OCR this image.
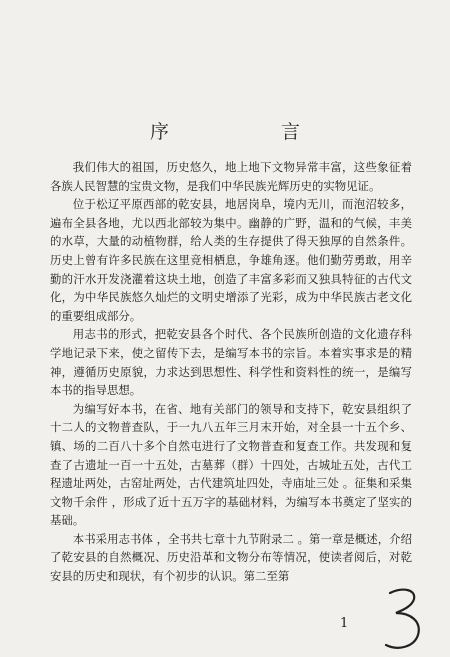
序	言

我们伟大的祖国，历史悠久，地上地下文物异常丰富，这些象征着各族人民智慧的宝贵文物，是我们中华民族光辉历史的实物见证。

位于松辽平原西部的乾安县，地居岗阜，境内无川，而泡沼较多，遍布全县各地，尤以西北部较为集中。幽静的广野，温和的气候，丰美的水草，大量的动植物群，给人类的生存提供了得天独厚的自然条件。历史上曾有许多民族在这里竞相栖息，争雄角逐。他们勤劳勇敢，用辛勤的汗水开发浇灌着这块土地，创造了丰富多彩而又独具特征的古代文化，为中华民族悠久灿烂的文明史增添了光彩，成为中华民族古老文化的重要组成部分。

用志书的形式，把乾安县各个时代、各个民族所创造的文化遗存科学地记录下来，使之留传下去，是编写本书的宗旨。本着实事求是的精神，遵循历史原貌，力求达到思想性、科学性和资料性的统一，是编写本书的指导思想。

为编写好本书，在省、地有关部门的领导和支持下，乾安县组织了十二人的文物普查队，于一九八五年三月末开始，对全县一十五个乡、镇、场的二百八十多个自然屯进行了文物普查和复查工作。共发现和复查了古遗址一百一十五处，古墓葬（群）十四处，古城址五处，古代工程遗址两处，古窑址两处，古代建筑址四处，寺庙址三处 。征集和采集文物千余件 ，形成了近十五万字的基础材料，为编写本书奠定了坚实的基础。

本书采用志书体 ，全书共七章十九节附录二 。第一章是概述，介绍了乾安县的自然概况、历史沿革和文物分布等情况，使读者阅后，对乾安县的历史和现状，有个初步的认识。第二至第

1
